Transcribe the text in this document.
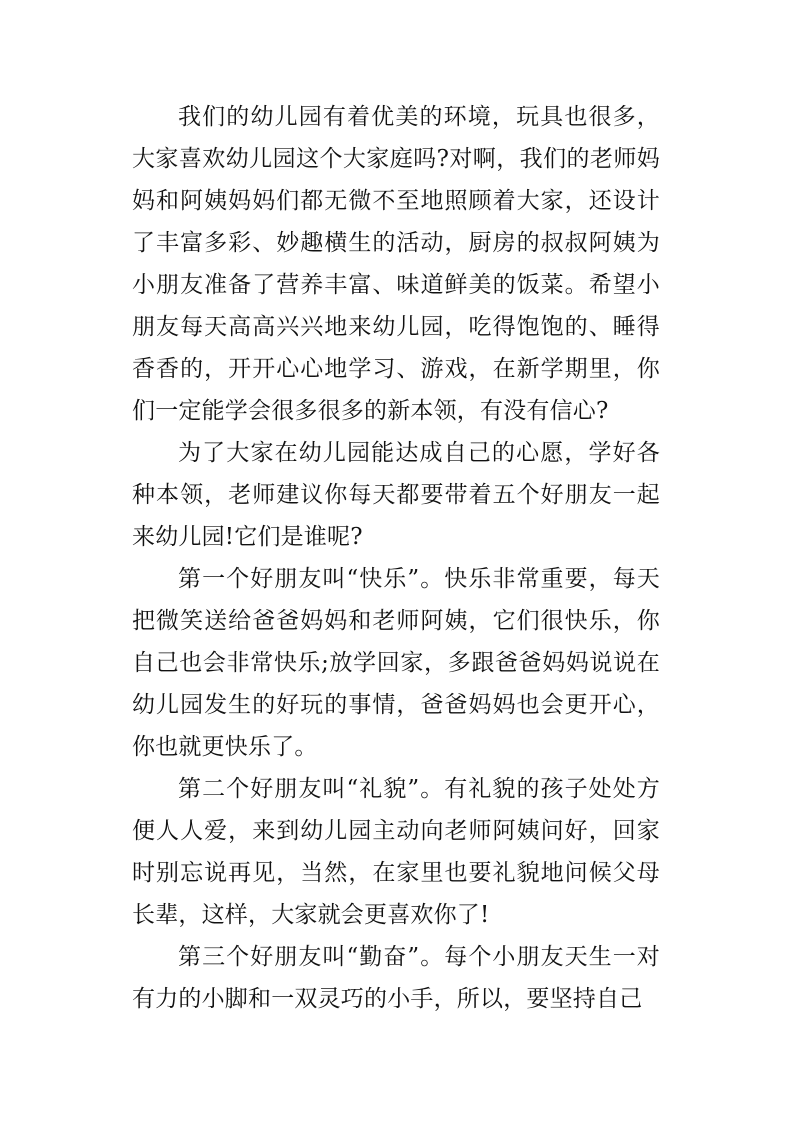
我们的幼儿园有着优美的环境，玩具也很多，大家喜欢幼儿园这个大家庭吗?对啊，我们的老师妈妈和阿姨妈妈们都无微不至地照顾着大家，还设计了丰富多彩、妙趣横生的活动，厨房的叔叔阿姨为小朋友准备了营养丰富、味道鲜美的饭菜。希望小朋友每天高高兴兴地来幼儿园，吃得饱饱的、睡得香香的，开开心心地学习、游戏，在新学期里，你们一定能学会很多很多的新本领，有没有信心?

为了大家在幼儿园能达成自己的心愿，学好各种本领，老师建议你每天都要带着五个好朋友一起来幼儿园!它们是谁呢?

第一个好朋友叫“快乐”。快乐非常重要，每天把微笑送给爸爸妈妈和老师阿姨，它们很快乐，你自己也会非常快乐;放学回家，多跟爸爸妈妈说说在幼儿园发生的好玩的事情，爸爸妈妈也会更开心，你也就更快乐了。

第二个好朋友叫“礼貌”。有礼貌的孩子处处方便人人爱，来到幼儿园主动向老师阿姨问好，回家时别忘说再见，当然，在家里也要礼貌地问候父母长辈，这样，大家就会更喜欢你了!

第三个好朋友叫“勤奋”。每个小朋友天生一对有力的小脚和一双灵巧的小手，所以，要坚持自己
